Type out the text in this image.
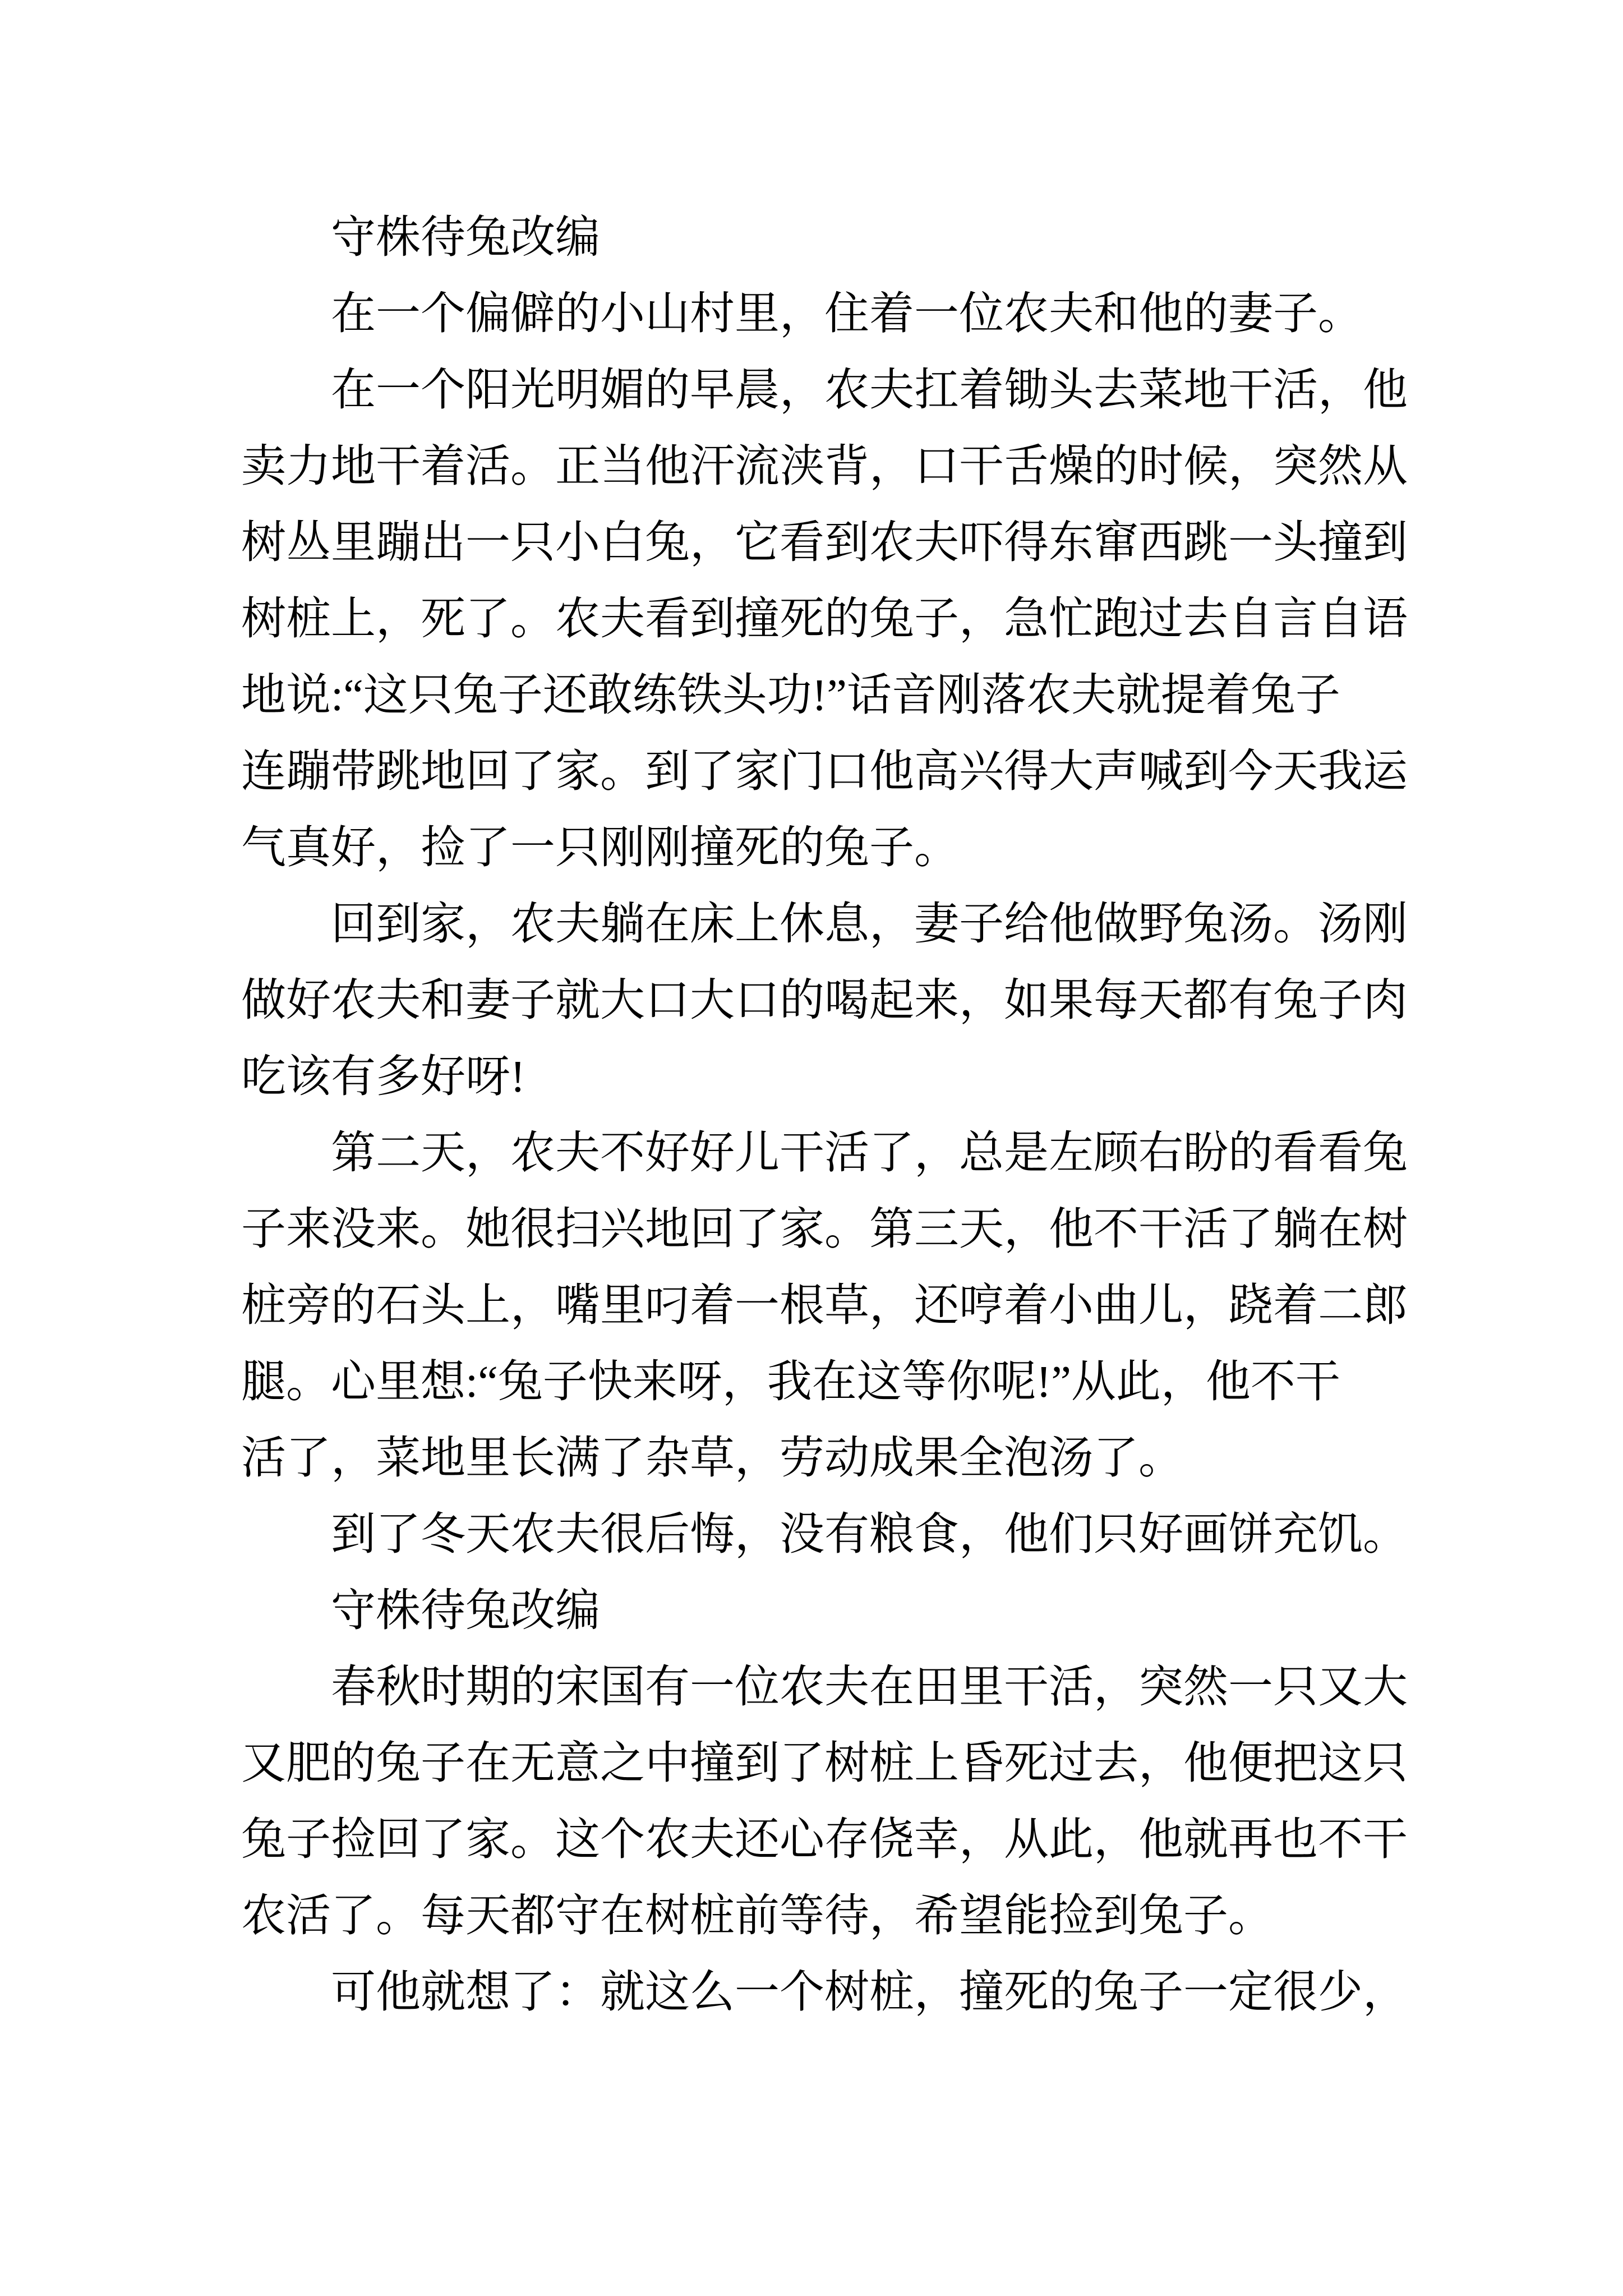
守株待兔改编
在一个偏僻的小山村里，住着一位农夫和他的妻子。
在一个阳光明媚的早晨，农夫扛着锄头去菜地干活，他
卖力地干着活。正当他汗流浃背，口干舌燥的时候，突然从
树丛里蹦出一只小白兔，它看到农夫吓得东窜西跳一头撞到
树桩上，死了。农夫看到撞死的兔子，急忙跑过去自言自语
地说:“这只兔子还敢练铁头功!”话音刚落农夫就提着兔子
连蹦带跳地回了家。到了家门口他高兴得大声喊到今天我运
气真好，捡了一只刚刚撞死的兔子。
回到家，农夫躺在床上休息，妻子给他做野兔汤。汤刚
做好农夫和妻子就大口大口的喝起来，如果每天都有兔子肉
吃该有多好呀!
第二天，农夫不好好儿干活了，总是左顾右盼的看看兔
子来没来。她很扫兴地回了家。第三天，他不干活了躺在树
桩旁的石头上，嘴里叼着一根草，还哼着小曲儿，跷着二郎
腿。心里想:“兔子快来呀，我在这等你呢!”从此，他不干
活了，菜地里长满了杂草，劳动成果全泡汤了。
到了冬天农夫很后悔，没有粮食，他们只好画饼充饥。
守株待兔改编
春秋时期的宋国有一位农夫在田里干活，突然一只又大
又肥的兔子在无意之中撞到了树桩上昏死过去，他便把这只
兔子捡回了家。这个农夫还心存侥幸，从此，他就再也不干
农活了。每天都守在树桩前等待，希望能捡到兔子。
可他就想了：就这么一个树桩，撞死的兔子一定很少，
